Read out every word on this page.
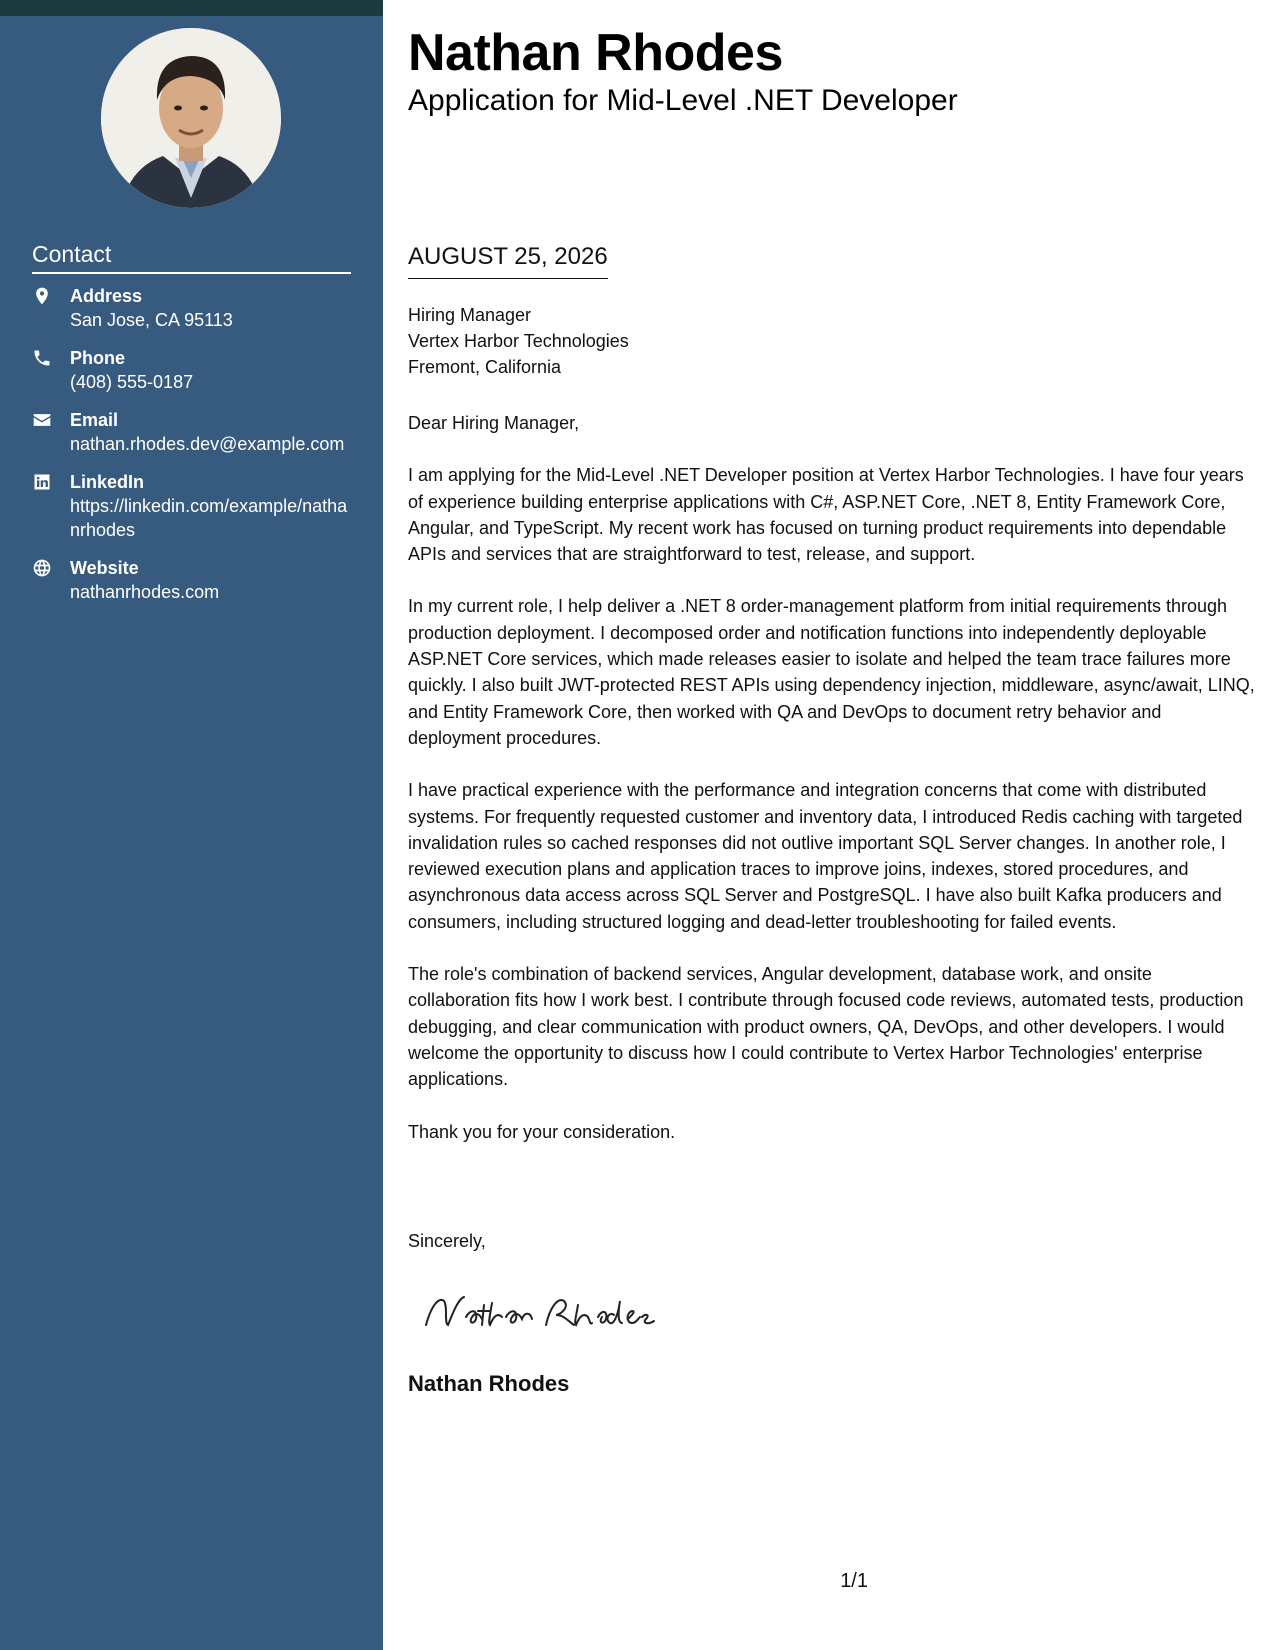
Contact
Address
San Jose, CA 95113
Phone
(408) 555-0187
Email
nathan.rhodes.dev@example.com
LinkedIn
https://linkedin.com/example/nathanrhodes
Website
nathanrhodes.com
Nathan Rhodes
Application for Mid-Level .NET Developer
AUGUST 25, 2026
Hiring Manager
Vertex Harbor Technologies
Fremont, California

Dear Hiring Manager,

I am applying for the Mid-Level .NET Developer position at Vertex Harbor Technologies. I have four years of experience building enterprise applications with C#, ASP.NET Core, .NET 8, Entity Framework Core, Angular, and TypeScript. My recent work has focused on turning product requirements into dependable APIs and services that are straightforward to test, release, and support.

In my current role, I help deliver a .NET 8 order-management platform from initial requirements through production deployment. I decomposed order and notification functions into independently deployable ASP.NET Core services, which made releases easier to isolate and helped the team trace failures more quickly. I also built JWT-protected REST APIs using dependency injection, middleware, async/await, LINQ, and Entity Framework Core, then worked with QA and DevOps to document retry behavior and deployment procedures.

I have practical experience with the performance and integration concerns that come with distributed systems. For frequently requested customer and inventory data, I introduced Redis caching with targeted invalidation rules so cached responses did not outlive important SQL Server changes. In another role, I reviewed execution plans and application traces to improve joins, indexes, stored procedures, and asynchronous data access across SQL Server and PostgreSQL. I have also built Kafka producers and consumers, including structured logging and dead-letter troubleshooting for failed events.

The role's combination of backend services, Angular development, database work, and onsite collaboration fits how I work best. I contribute through focused code reviews, automated tests, production debugging, and clear communication with product owners, QA, DevOps, and other developers. I would welcome the opportunity to discuss how I could contribute to Vertex Harbor Technologies' enterprise applications.

Thank you for your consideration.

Sincerely,
Nathan Rhodes
1/1
